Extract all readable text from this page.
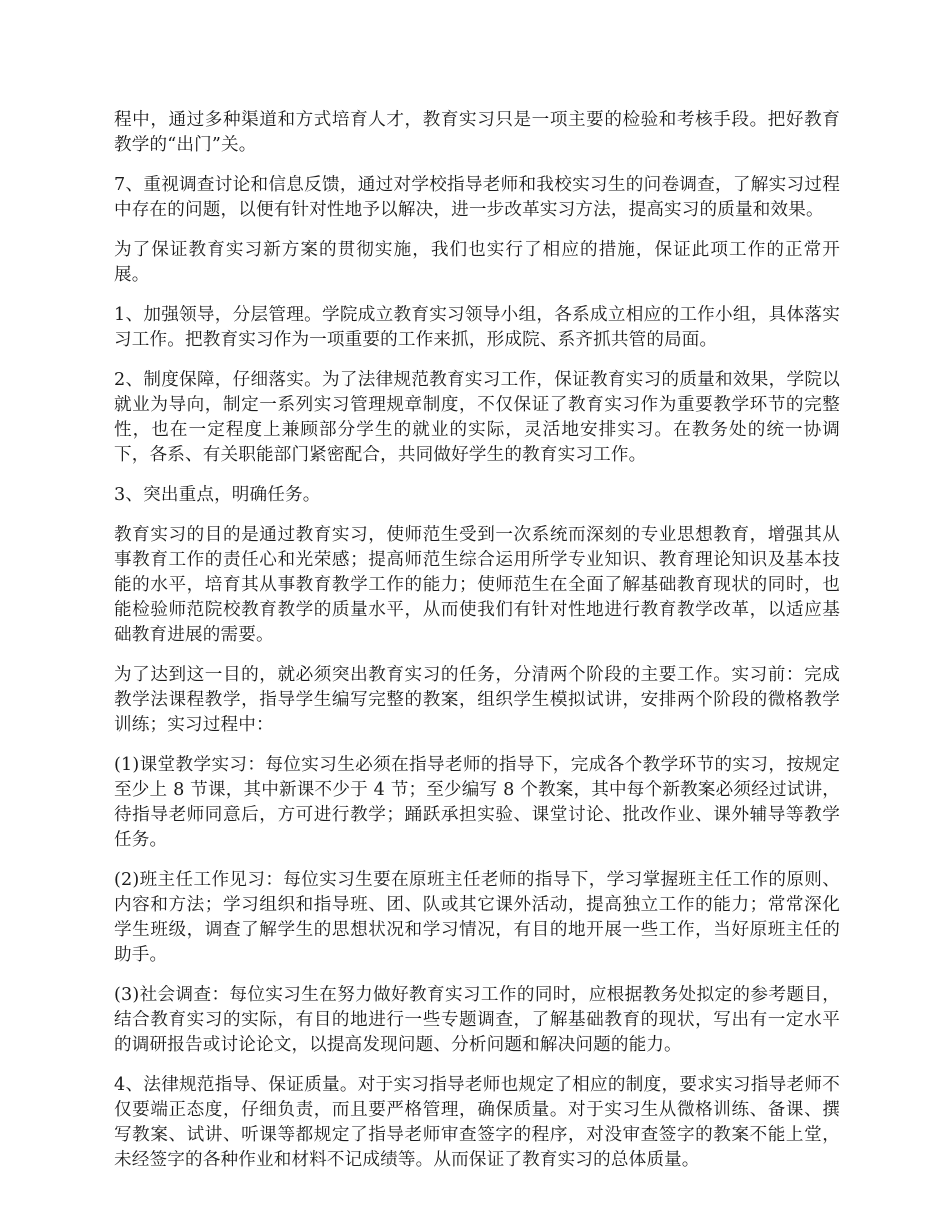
程中，通过多种渠道和方式培育人才，教育实习只是一项主要的检验和考核手段。把好教育教学的“出门”关。

7、重视调查讨论和信息反馈，通过对学校指导老师和我校实习生的问卷调查，了解实习过程中存在的问题，以便有针对性地予以解决，进一步改革实习方法，提高实习的质量和效果。

为了保证教育实习新方案的贯彻实施，我们也实行了相应的措施，保证此项工作的正常开展。

1、加强领导，分层管理。学院成立教育实习领导小组，各系成立相应的工作小组，具体落实习工作。把教育实习作为一项重要的工作来抓，形成院、系齐抓共管的局面。

2、制度保障，仔细落实。为了法律规范教育实习工作，保证教育实习的质量和效果，学院以就业为导向，制定一系列实习管理规章制度，不仅保证了教育实习作为重要教学环节的完整性，也在一定程度上兼顾部分学生的就业的实际，灵活地安排实习。在教务处的统一协调下，各系、有关职能部门紧密配合，共同做好学生的教育实习工作。

3、突出重点，明确任务。

教育实习的目的是通过教育实习，使师范生受到一次系统而深刻的专业思想教育，增强其从事教育工作的责任心和光荣感；提高师范生综合运用所学专业知识、教育理论知识及基本技能的水平，培育其从事教育教学工作的能力；使师范生在全面了解基础教育现状的同时，也能检验师范院校教育教学的质量水平，从而使我们有针对性地进行教育教学改革，以适应基础教育进展的需要。

为了达到这一目的，就必须突出教育实习的任务，分清两个阶段的主要工作。实习前：完成教学法课程教学，指导学生编写完整的教案，组织学生模拟试讲，安排两个阶段的微格教学训练；实习过程中：

(1)课堂教学实习：每位实习生必须在指导老师的指导下，完成各个教学环节的实习，按规定至少上 8 节课，其中新课不少于 4 节；至少编写 8 个教案，其中每个新教案必须经过试讲，待指导老师同意后，方可进行教学；踊跃承担实验、课堂讨论、批改作业、课外辅导等教学任务。

(2)班主任工作见习：每位实习生要在原班主任老师的指导下，学习掌握班主任工作的原则、内容和方法；学习组织和指导班、团、队或其它课外活动，提高独立工作的能力；常常深化学生班级，调查了解学生的思想状况和学习情况，有目的地开展一些工作，当好原班主任的助手。

(3)社会调查：每位实习生在努力做好教育实习工作的同时，应根据教务处拟定的参考题目，结合教育实习的实际，有目的地进行一些专题调查，了解基础教育的现状，写出有一定水平的调研报告或讨论论文，以提高发现问题、分析问题和解决问题的能力。

4、法律规范指导、保证质量。对于实习指导老师也规定了相应的制度，要求实习指导老师不仅要端正态度，仔细负责，而且要严格管理，确保质量。对于实习生从微格训练、备课、撰写教案、试讲、听课等都规定了指导老师审查签字的程序，对没审查签字的教案不能上堂，未经签字的各种作业和材料不记成绩等。从而保证了教育实习的总体质量。
